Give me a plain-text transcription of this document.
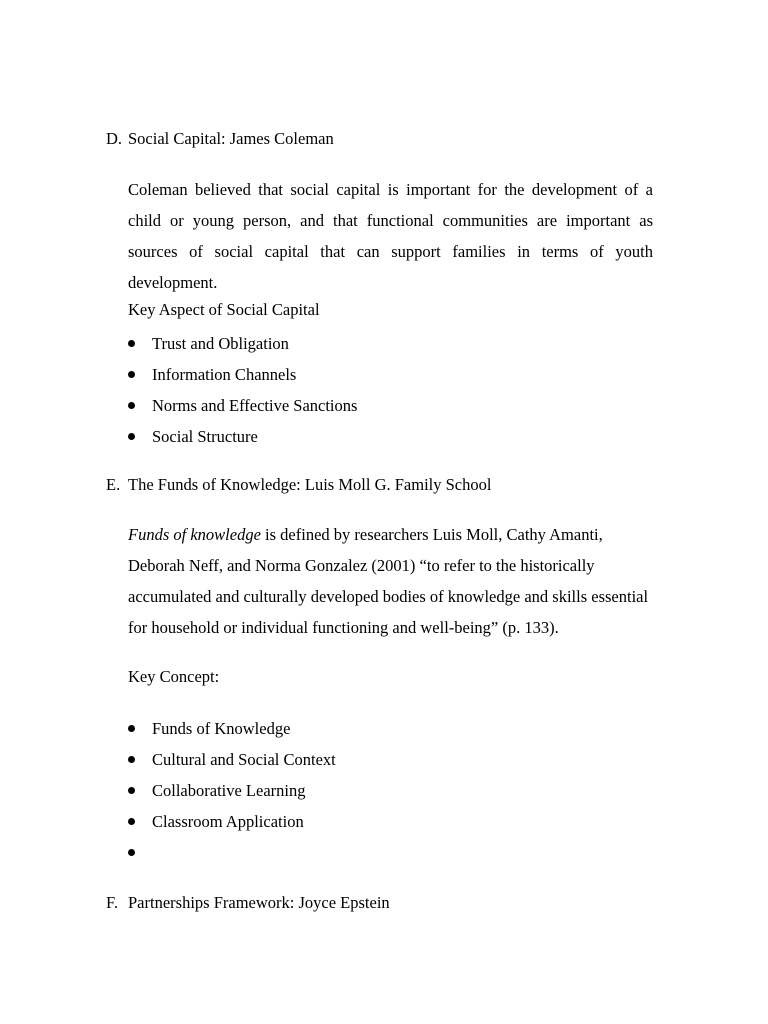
D. Social Capital: James Coleman

Coleman believed that social capital is important for the development of a child or young person, and that functional communities are important as sources of social capital that can support families in terms of youth development.

Key Aspect of Social Capital
Trust and Obligation
Information Channels
Norms and Effective Sanctions
Social Structure
E. The Funds of Knowledge: Luis Moll G. Family School

Funds of knowledge is defined by researchers Luis Moll, Cathy Amanti, Deborah Neff, and Norma Gonzalez (2001) “to refer to the historically accumulated and culturally developed bodies of knowledge and skills essential for household or individual functioning and well-being” (p. 133).

Key Concept:
Funds of Knowledge
Cultural and Social Context
Collaborative Learning
Classroom Application
F. Partnerships Framework: Joyce Epstein
